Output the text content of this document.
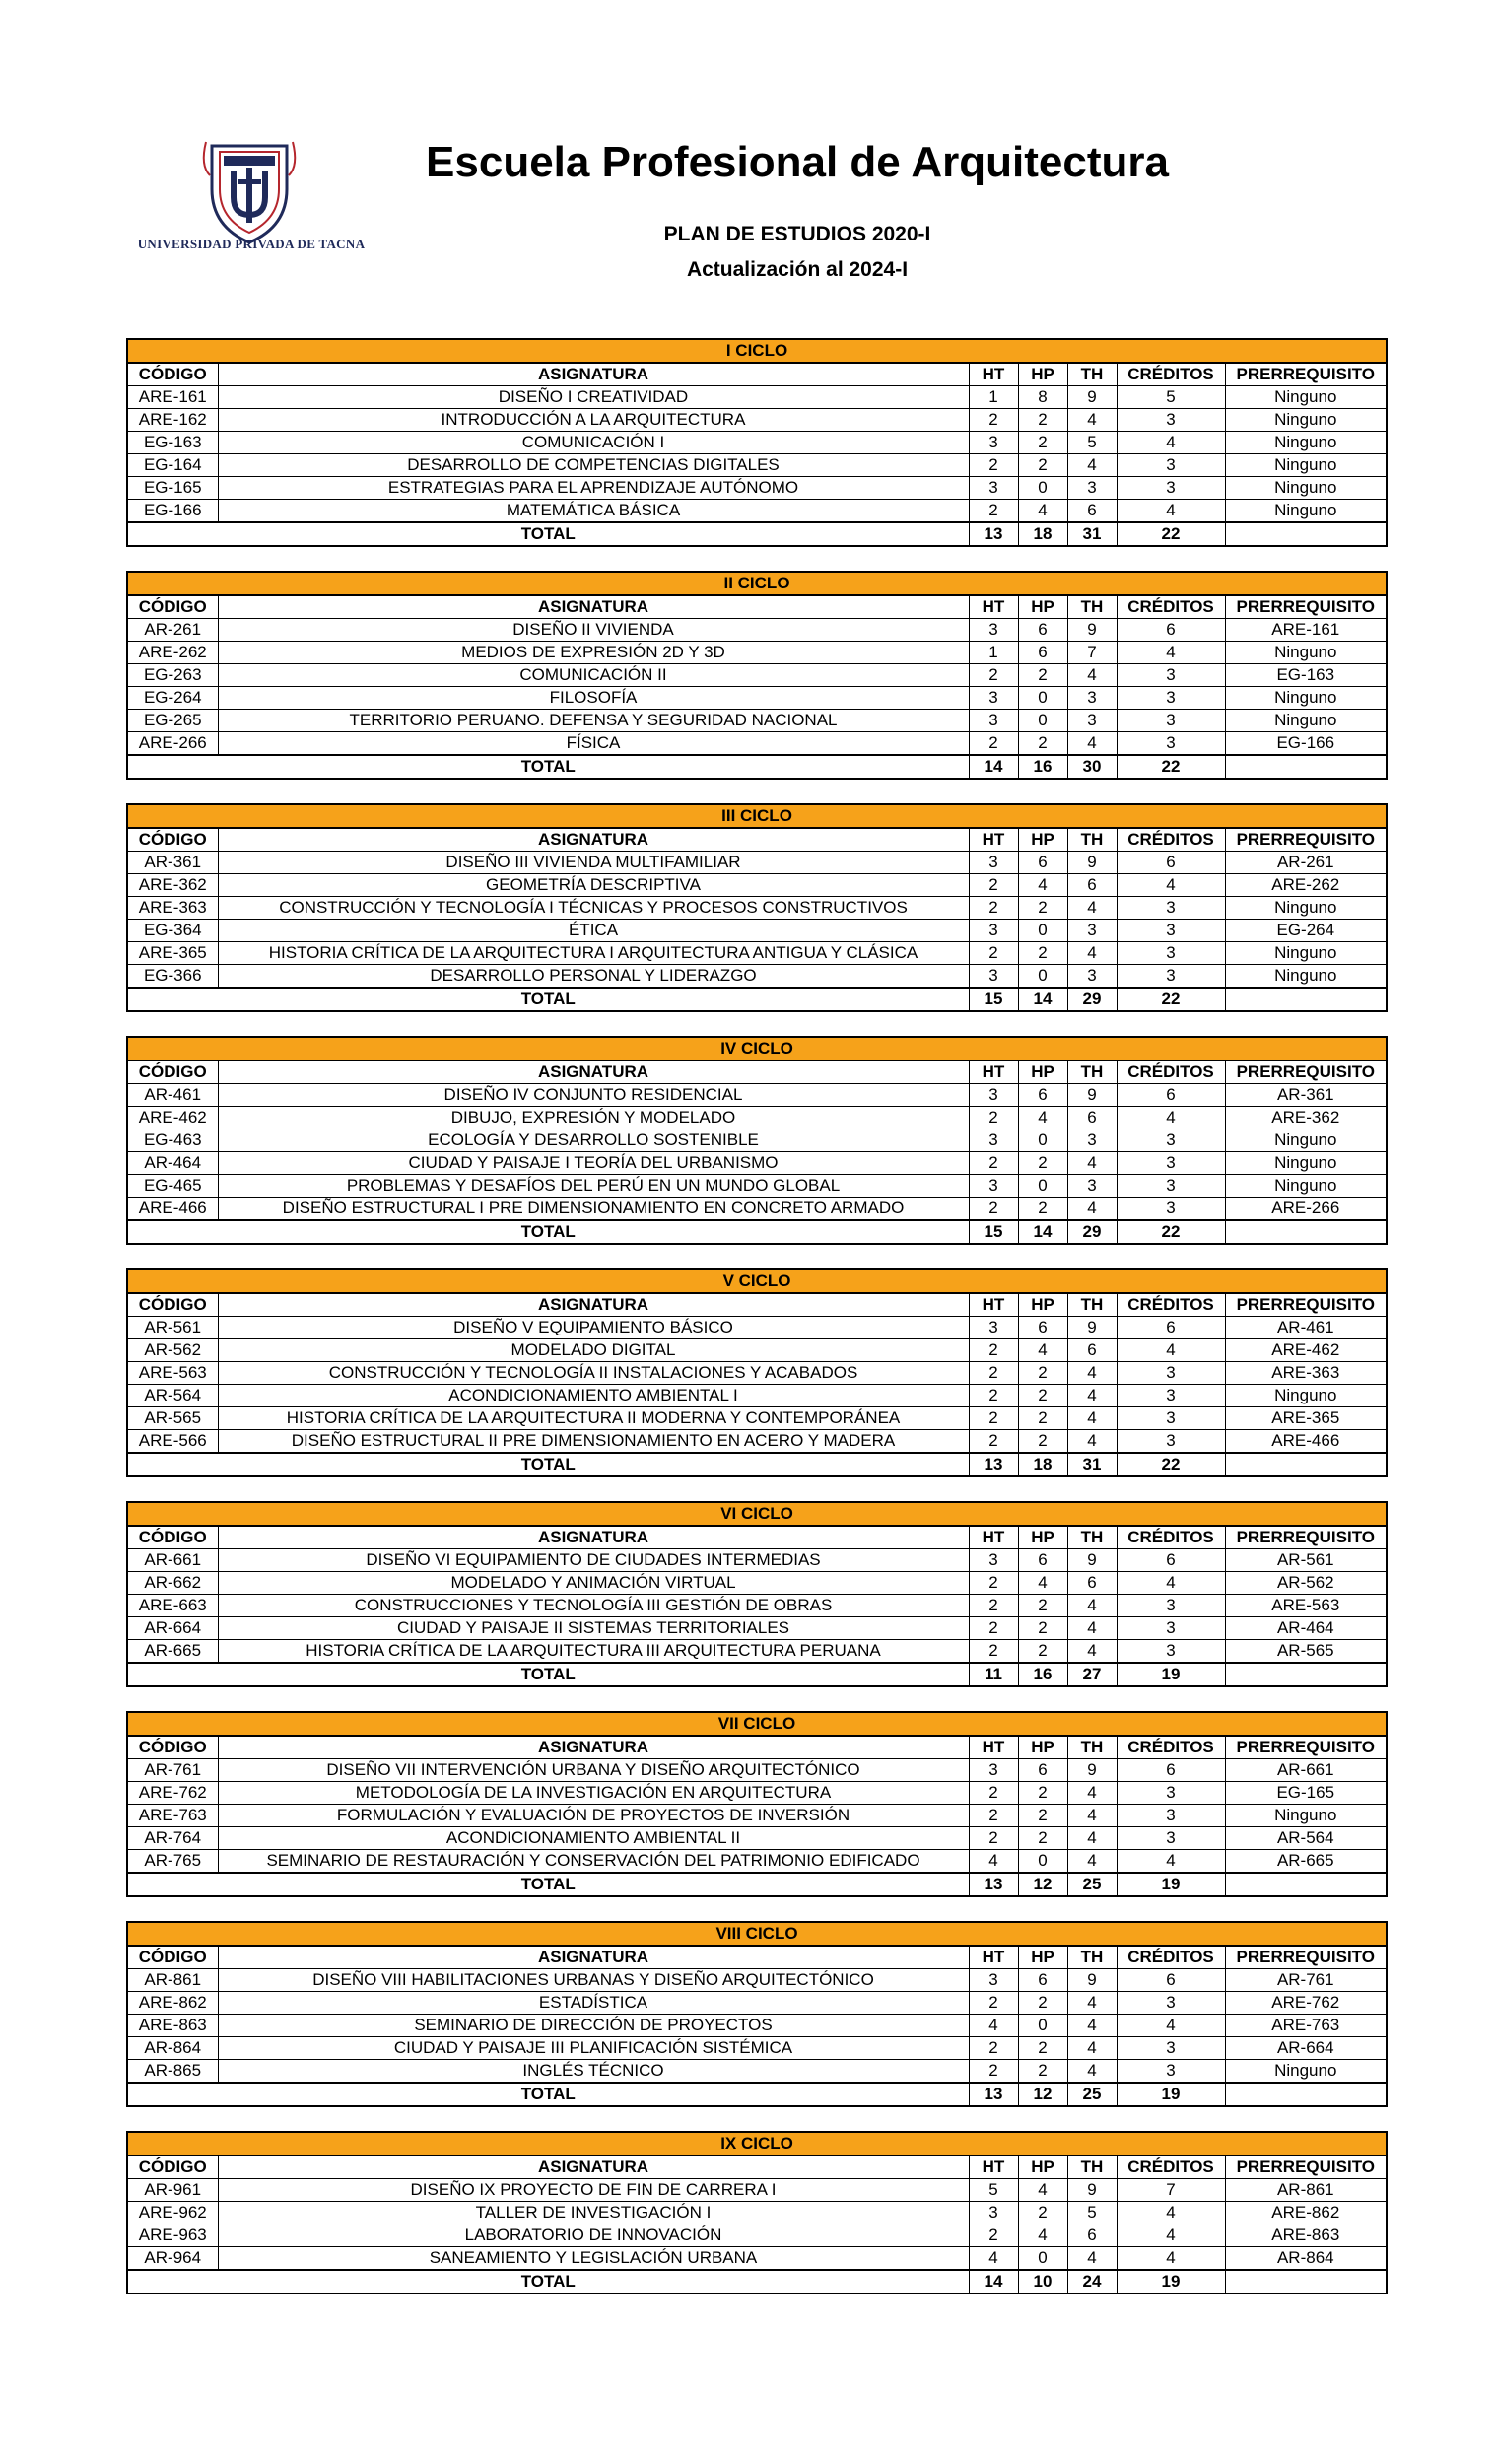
UNIVERSIDAD PRIVADA DE TACNA
Escuela Profesional de Arquitectura
PLAN DE ESTUDIOS 2020-I
Actualización al 2024-I
I CICLO						
CÓDIGO	ASIGNATURA	HT	HP	TH	CRÉDITOS	PRERREQUISITO
ARE-161	DISEÑO I CREATIVIDAD	1	8	9	5	Ninguno
ARE-162	INTRODUCCIÓN A LA ARQUITECTURA	2	2	4	3	Ninguno
EG-163	COMUNICACIÓN I	3	2	5	4	Ninguno
EG-164	DESARROLLO DE COMPETENCIAS DIGITALES	2	2	4	3	Ninguno
EG-165	ESTRATEGIAS PARA EL APRENDIZAJE AUTÓNOMO	3	0	3	3	Ninguno
EG-166	MATEMÁTICA BÁSICA	2	4	6	4	Ninguno
TOTAL		13	18	31	22	
II CICLO						
CÓDIGO	ASIGNATURA	HT	HP	TH	CRÉDITOS	PRERREQUISITO
AR-261	DISEÑO II VIVIENDA	3	6	9	6	ARE-161
ARE-262	MEDIOS DE EXPRESIÓN 2D Y 3D	1	6	7	4	Ninguno
EG-263	COMUNICACIÓN II	2	2	4	3	EG-163
EG-264	FILOSOFÍA	3	0	3	3	Ninguno
EG-265	TERRITORIO PERUANO. DEFENSA Y SEGURIDAD NACIONAL	3	0	3	3	Ninguno
ARE-266	FÍSICA	2	2	4	3	EG-166
TOTAL		14	16	30	22	
III CICLO						
CÓDIGO	ASIGNATURA	HT	HP	TH	CRÉDITOS	PRERREQUISITO
AR-361	DISEÑO III VIVIENDA MULTIFAMILIAR	3	6	9	6	AR-261
ARE-362	GEOMETRÍA DESCRIPTIVA	2	4	6	4	ARE-262
ARE-363	CONSTRUCCIÓN Y TECNOLOGÍA I TÉCNICAS Y PROCESOS CONSTRUCTIVOS	2	2	4	3	Ninguno
EG-364	ÉTICA	3	0	3	3	EG-264
ARE-365	HISTORIA CRÍTICA DE LA ARQUITECTURA I ARQUITECTURA ANTIGUA Y CLÁSICA	2	2	4	3	Ninguno
EG-366	DESARROLLO PERSONAL Y LIDERAZGO	3	0	3	3	Ninguno
TOTAL		15	14	29	22	
IV CICLO						
CÓDIGO	ASIGNATURA	HT	HP	TH	CRÉDITOS	PRERREQUISITO
AR-461	DISEÑO IV CONJUNTO RESIDENCIAL	3	6	9	6	AR-361
ARE-462	DIBUJO, EXPRESIÓN Y MODELADO	2	4	6	4	ARE-362
EG-463	ECOLOGÍA Y DESARROLLO SOSTENIBLE	3	0	3	3	Ninguno
AR-464	CIUDAD Y PAISAJE I TEORÍA DEL URBANISMO	2	2	4	3	Ninguno
EG-465	PROBLEMAS Y DESAFÍOS DEL PERÚ EN UN MUNDO GLOBAL	3	0	3	3	Ninguno
ARE-466	DISEÑO ESTRUCTURAL I PRE DIMENSIONAMIENTO EN CONCRETO ARMADO	2	2	4	3	ARE-266
TOTAL		15	14	29	22	
V CICLO						
CÓDIGO	ASIGNATURA	HT	HP	TH	CRÉDITOS	PRERREQUISITO
AR-561	DISEÑO V EQUIPAMIENTO BÁSICO	3	6	9	6	AR-461
AR-562	MODELADO DIGITAL	2	4	6	4	ARE-462
ARE-563	CONSTRUCCIÓN Y TECNOLOGÍA II INSTALACIONES Y ACABADOS	2	2	4	3	ARE-363
AR-564	ACONDICIONAMIENTO AMBIENTAL I	2	2	4	3	Ninguno
AR-565	HISTORIA CRÍTICA DE LA ARQUITECTURA II MODERNA Y CONTEMPORÁNEA	2	2	4	3	ARE-365
ARE-566	DISEÑO ESTRUCTURAL II PRE DIMENSIONAMIENTO EN ACERO Y MADERA	2	2	4	3	ARE-466
TOTAL		13	18	31	22	
VI CICLO						
CÓDIGO	ASIGNATURA	HT	HP	TH	CRÉDITOS	PRERREQUISITO
AR-661	DISEÑO VI EQUIPAMIENTO DE CIUDADES INTERMEDIAS	3	6	9	6	AR-561
AR-662	MODELADO Y ANIMACIÓN VIRTUAL	2	4	6	4	AR-562
ARE-663	CONSTRUCCIONES Y TECNOLOGÍA III GESTIÓN DE OBRAS	2	2	4	3	ARE-563
AR-664	CIUDAD Y PAISAJE II SISTEMAS TERRITORIALES	2	2	4	3	AR-464
AR-665	HISTORIA CRÍTICA DE LA ARQUITECTURA III ARQUITECTURA PERUANA	2	2	4	3	AR-565
TOTAL		11	16	27	19	
VII CICLO						
CÓDIGO	ASIGNATURA	HT	HP	TH	CRÉDITOS	PRERREQUISITO
AR-761	DISEÑO VII INTERVENCIÓN URBANA Y DISEÑO ARQUITECTÓNICO	3	6	9	6	AR-661
ARE-762	METODOLOGÍA DE LA INVESTIGACIÓN EN ARQUITECTURA	2	2	4	3	EG-165
ARE-763	FORMULACIÓN Y EVALUACIÓN DE PROYECTOS DE INVERSIÓN	2	2	4	3	Ninguno
AR-764	ACONDICIONAMIENTO AMBIENTAL II	2	2	4	3	AR-564
AR-765	SEMINARIO DE RESTAURACIÓN Y CONSERVACIÓN DEL PATRIMONIO EDIFICADO	4	0	4	4	AR-665
TOTAL		13	12	25	19	
VIII CICLO						
CÓDIGO	ASIGNATURA	HT	HP	TH	CRÉDITOS	PRERREQUISITO
AR-861	DISEÑO VIII HABILITACIONES URBANAS Y DISEÑO ARQUITECTÓNICO	3	6	9	6	AR-761
ARE-862	ESTADÍSTICA	2	2	4	3	ARE-762
ARE-863	SEMINARIO DE DIRECCIÓN DE PROYECTOS	4	0	4	4	ARE-763
AR-864	CIUDAD Y PAISAJE III PLANIFICACIÓN SISTÉMICA	2	2	4	3	AR-664
AR-865	INGLÉS TÉCNICO	2	2	4	3	Ninguno
TOTAL		13	12	25	19	
IX CICLO						
CÓDIGO	ASIGNATURA	HT	HP	TH	CRÉDITOS	PRERREQUISITO
AR-961	DISEÑO IX PROYECTO DE FIN DE CARRERA I	5	4	9	7	AR-861
ARE-962	TALLER DE INVESTIGACIÓN I	3	2	5	4	ARE-862
ARE-963	LABORATORIO DE INNOVACIÓN	2	4	6	4	ARE-863
AR-964	SANEAMIENTO Y LEGISLACIÓN URBANA	4	0	4	4	AR-864
TOTAL		14	10	24	19	
